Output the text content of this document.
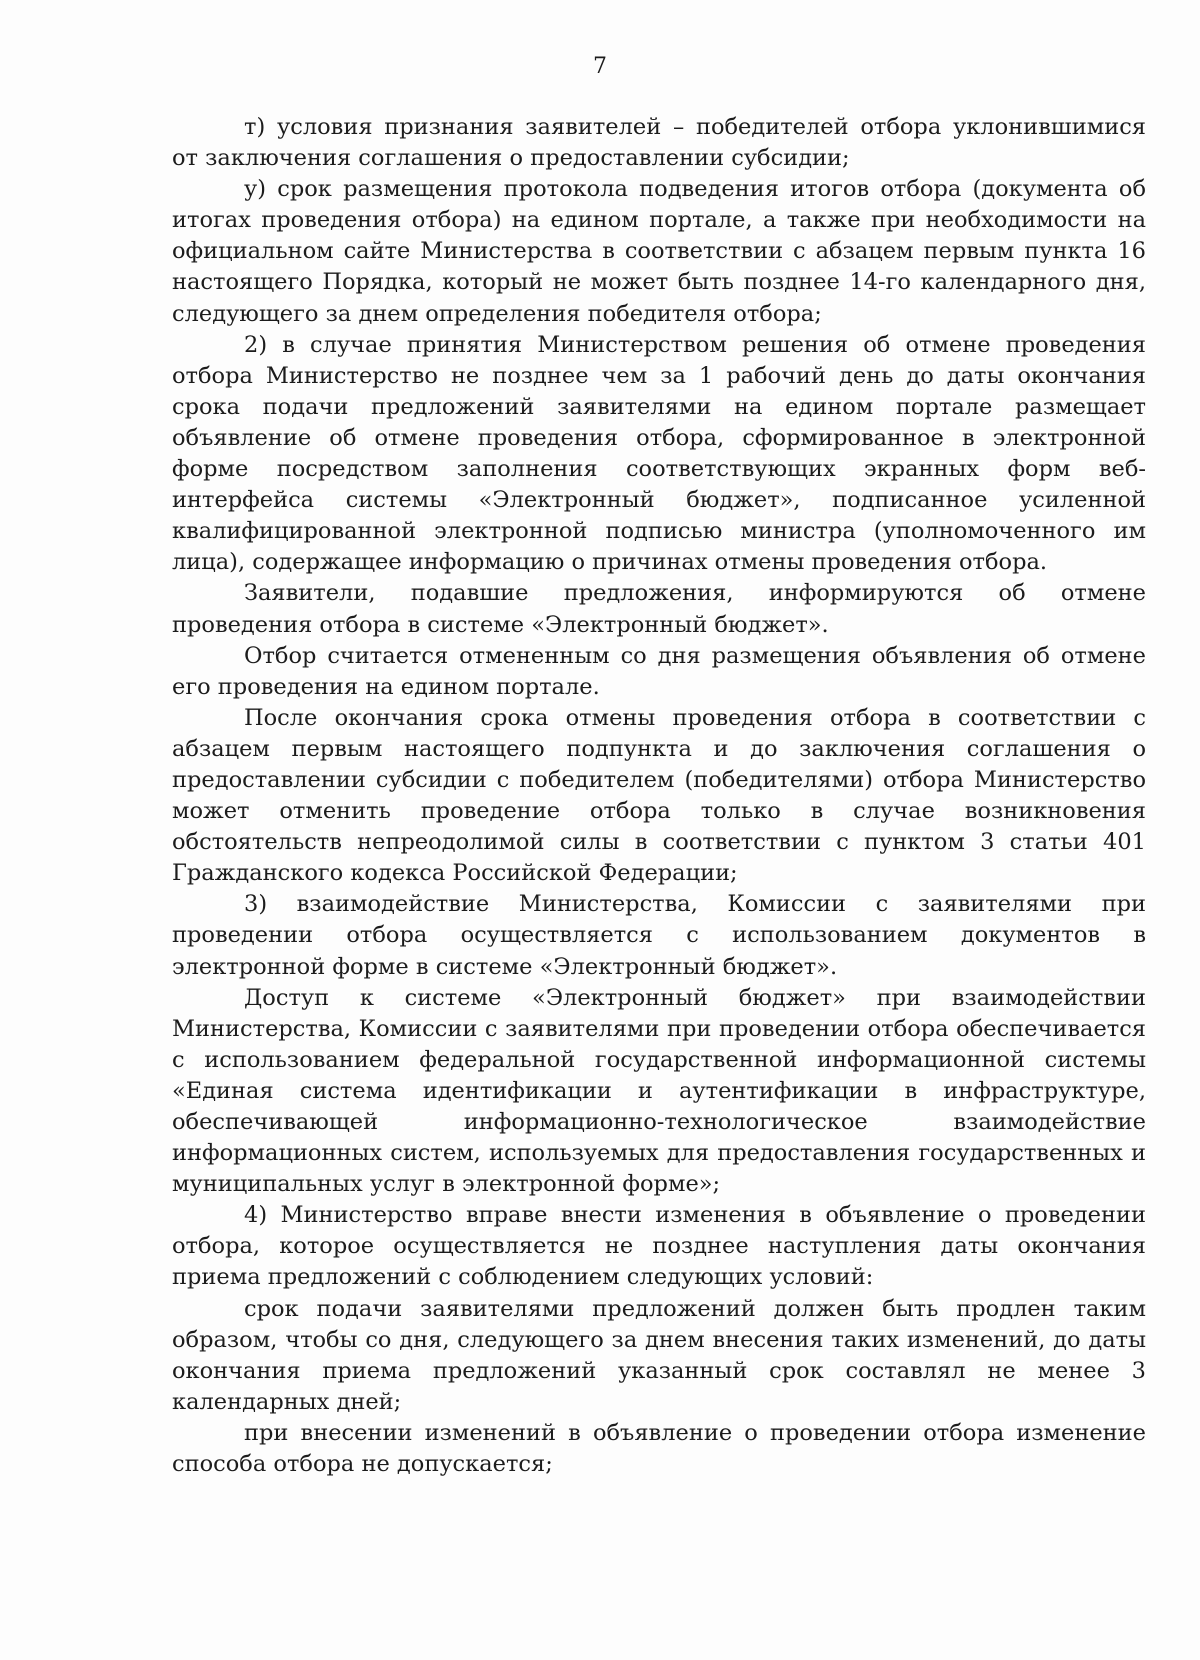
7

т) условия признания заявителей – победителей отбора уклонившимися от заключения соглашения о предоставлении субсидии;

у) срок размещения протокола подведения итогов отбора (документа об итогах проведения отбора) на едином портале, а также при необходимости на официальном сайте Министерства в соответствии с абзацем первым пункта 16 настоящего Порядка, который не может быть позднее 14-го календарного дня, следующего за днем определения победителя отбора;

2) в случае принятия Министерством решения об отмене проведения отбора Министерство не позднее чем за 1 рабочий день до даты окончания срока подачи предложений заявителями на едином портале размещает объявление об отмене проведения отбора, сформированное в электронной форме посредством заполнения соответствующих экранных форм веб-интерфейса системы «Электронный бюджет», подписанное усиленной квалифицированной электронной подписью министра (уполномоченного им лица), содержащее информацию о причинах отмены проведения отбора.

Заявители, подавшие предложения, информируются об отмене проведения отбора в системе «Электронный бюджет».

Отбор считается отмененным со дня размещения объявления об отмене его проведения на едином портале.

После окончания срока отмены проведения отбора в соответствии с абзацем первым настоящего подпункта и до заключения соглашения о предоставлении субсидии с победителем (победителями) отбора Министерство может отменить проведение отбора только в случае возникновения обстоятельств непреодолимой силы в соответствии с пунктом 3 статьи 401 Гражданского кодекса Российской Федерации;

3) взаимодействие Министерства, Комиссии с заявителями при проведении отбора осуществляется с использованием документов в электронной форме в системе «Электронный бюджет».

Доступ к системе «Электронный бюджет» при взаимодействии Министерства, Комиссии с заявителями при проведении отбора обеспечивается с использованием федеральной государственной информационной системы «Единая система идентификации и аутентификации в инфраструктуре, обеспечивающей информационно-технологическое взаимодействие информационных систем, используемых для предоставления государственных и муниципальных услуг в электронной форме»;

4) Министерство вправе внести изменения в объявление о проведении отбора, которое осуществляется не позднее наступления даты окончания приема предложений с соблюдением следующих условий:

срок подачи заявителями предложений должен быть продлен таким образом, чтобы со дня, следующего за днем внесения таких изменений, до даты окончания приема предложений указанный срок составлял не менее 3 календарных дней;

при внесении изменений в объявление о проведении отбора изменение способа отбора не допускается;
